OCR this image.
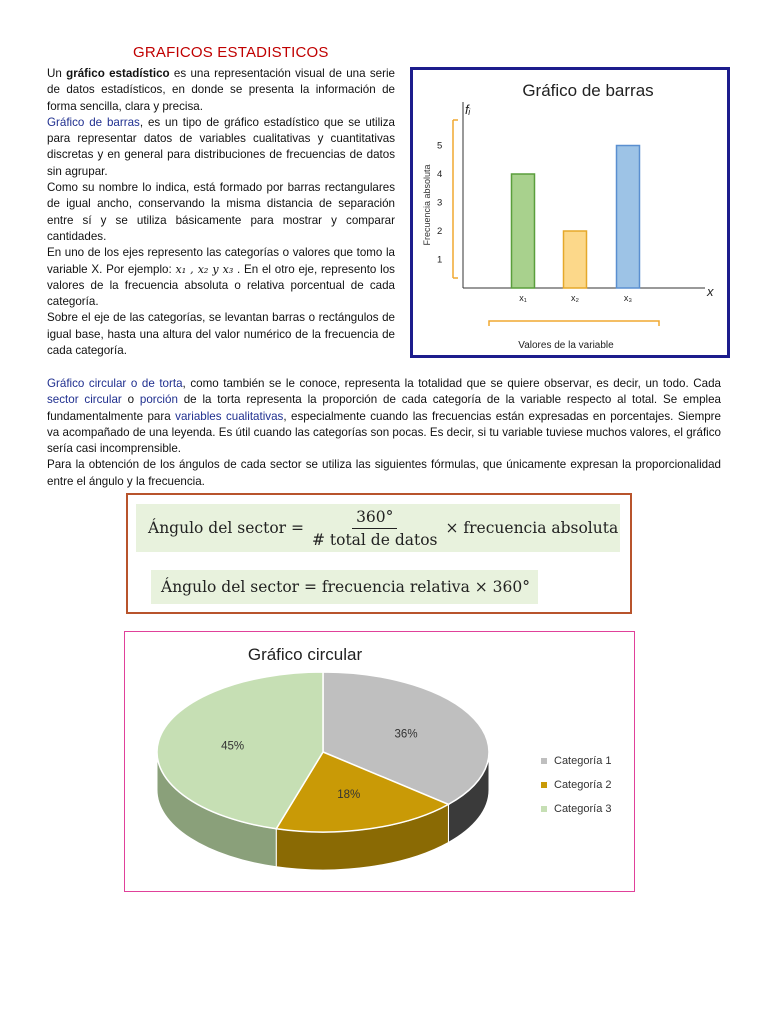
GRAFICOS ESTADISTICOS

Un gráfico estadístico es una representación visual de una serie de datos estadísticos, en donde se presenta la información de forma sencilla, clara y precisa.

Gráfico de barras, es un tipo de gráfico estadístico que se utiliza para representar datos de variables cualitativas y cuantitativas discretas y en general para distribuciones de frecuencias de datos sin agrupar.

Como su nombre lo indica, está formado por barras rectangulares de igual ancho, conservando la misma distancia de separación entre sí y se utiliza básicamente para mostrar y comparar cantidades.

En uno de los ejes represento las categorías o valores que tomo la variable X. Por ejemplo: x₁ , x₂ y x₃ . En el otro eje, represento los valores de la frecuencia absoluta o relativa porcentual de cada categoría.

Sobre el eje de las categorías, se levantan barras o rectángulos de igual base, hasta una altura del valor numérico de la frecuencia de cada categoría.

Gráfico de barras
fᵢ
x
Frecuencia absoluta
Valores de la variable
1
2
3
4
5
x₁	x₂	x₃

Gráfico circular o de torta, como también se le conoce, representa la totalidad que se quiere observar, es decir, un todo. Cada sector circular o porción de la torta representa la proporción de cada categoría de la variable respecto al total. Se emplea fundamentalmente para variables cualitativas, especialmente cuando las frecuencias están expresadas en porcentajes. Siempre va acompañado de una leyenda. Es útil cuando las categorías son pocas. Es decir, si tu variable tuviese muchos valores, el gráfico sería casi incomprensible.

Para la obtención de los ángulos de cada sector se utiliza las siguientes fórmulas, que únicamente expresan la proporcionalidad entre el ángulo y la frecuencia.

Ángulo del sector = $\frac{360^\circ}{\text{\# total de datos}}$ × frecuencia absoluta
Ángulo del sector = frecuencia relativa × 360°
Gráfico circular
36%
18%
45%
Categoría 1
Categoría 2
Categoría 3
